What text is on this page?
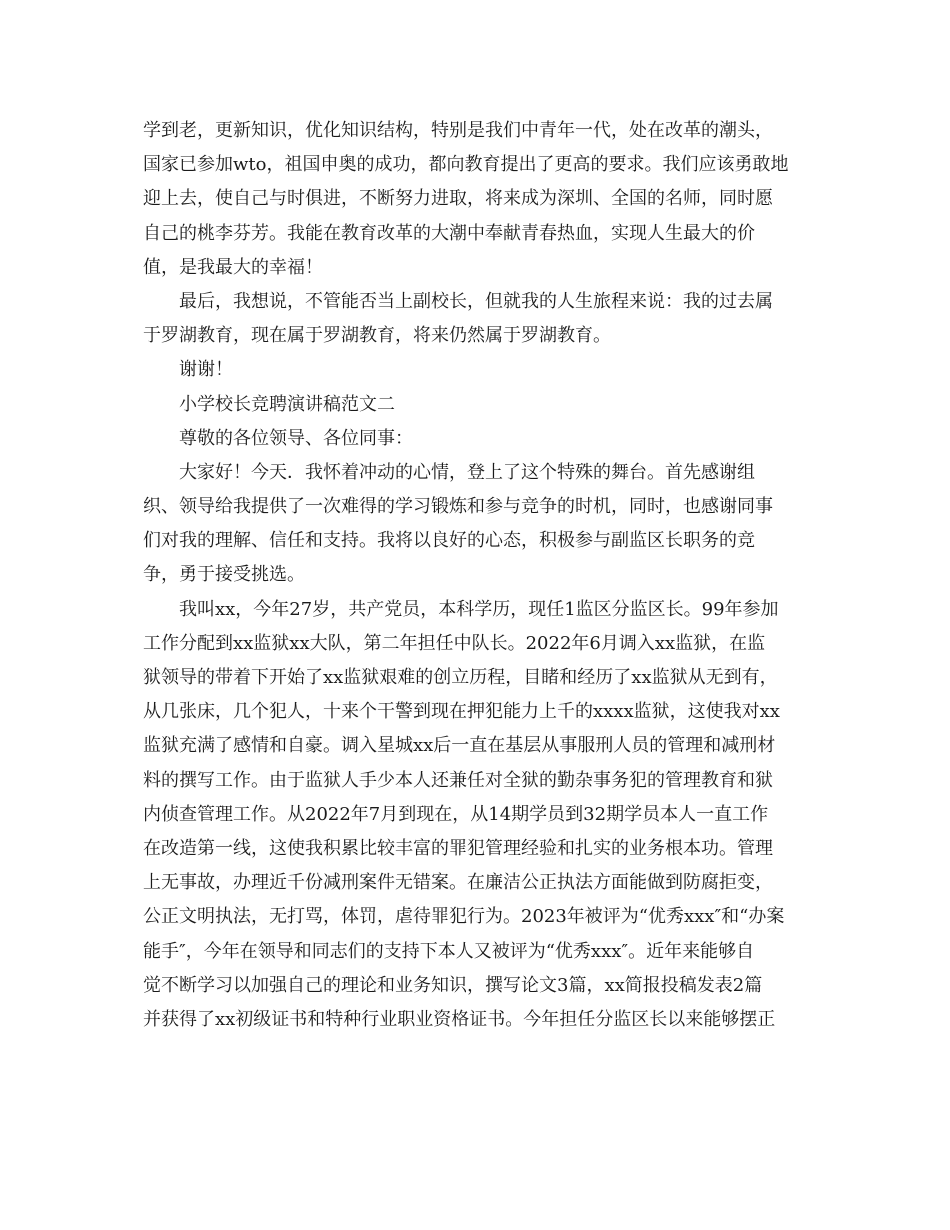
学到老，更新知识，优化知识结构，特别是我们中青年一代，处在改革的潮头，
国家已参加wto，祖国申奥的成功，都向教育提出了更高的要求。我们应该勇敢地
迎上去，使自己与时俱进，不断努力进取，将来成为深圳、全国的名师，同时愿
自己的桃李芬芳。我能在教育改革的大潮中奉献青春热血，实现人生最大的价
值，是我最大的幸福！
最后，我想说，不管能否当上副校长，但就我的人生旅程来说：我的过去属
于罗湖教育，现在属于罗湖教育，将来仍然属于罗湖教育。
谢谢！
小学校长竞聘演讲稿范文二
尊敬的各位领导、各位同事：
大家好！今天．我怀着冲动的心情，登上了这个特殊的舞台。首先感谢组
织、领导给我提供了一次难得的学习锻炼和参与竞争的时机，同时，也感谢同事
们对我的理解、信任和支持。我将以良好的心态，积极参与副监区长职务的竞
争，勇于接受挑选。
我叫xx，今年27岁，共产党员，本科学历，现任1监区分监区长。99年参加
工作分配到xx监狱xx大队，第二年担任中队长。2022年6月调入xx监狱，在监
狱领导的带着下开始了xx监狱艰难的创立历程，目睹和经历了xx监狱从无到有，
从几张床，几个犯人，十来个干警到现在押犯能力上千的xxxx监狱，这使我对xx
监狱充满了感情和自豪。调入星城xx后一直在基层从事服刑人员的管理和减刑材
料的撰写工作。由于监狱人手少本人还兼任对全狱的勤杂事务犯的管理教育和狱
内侦查管理工作。从2022年7月到现在，从14期学员到32期学员本人一直工作
在改造第一线，这使我积累比较丰富的罪犯管理经验和扎实的业务根本功。管理
上无事故，办理近千份减刑案件无错案。在廉洁公正执法方面能做到防腐拒变，
公正文明执法，无打骂，体罚，虐待罪犯行为。2023年被评为“优秀xxx″和“办案
能手″，今年在领导和同志们的支持下本人又被评为“优秀xxx″。近年来能够自
觉不断学习以加强自己的理论和业务知识，撰写论文3篇，xx简报投稿发表2篇
并获得了xx初级证书和特种行业职业资格证书。今年担任分监区长以来能够摆正
